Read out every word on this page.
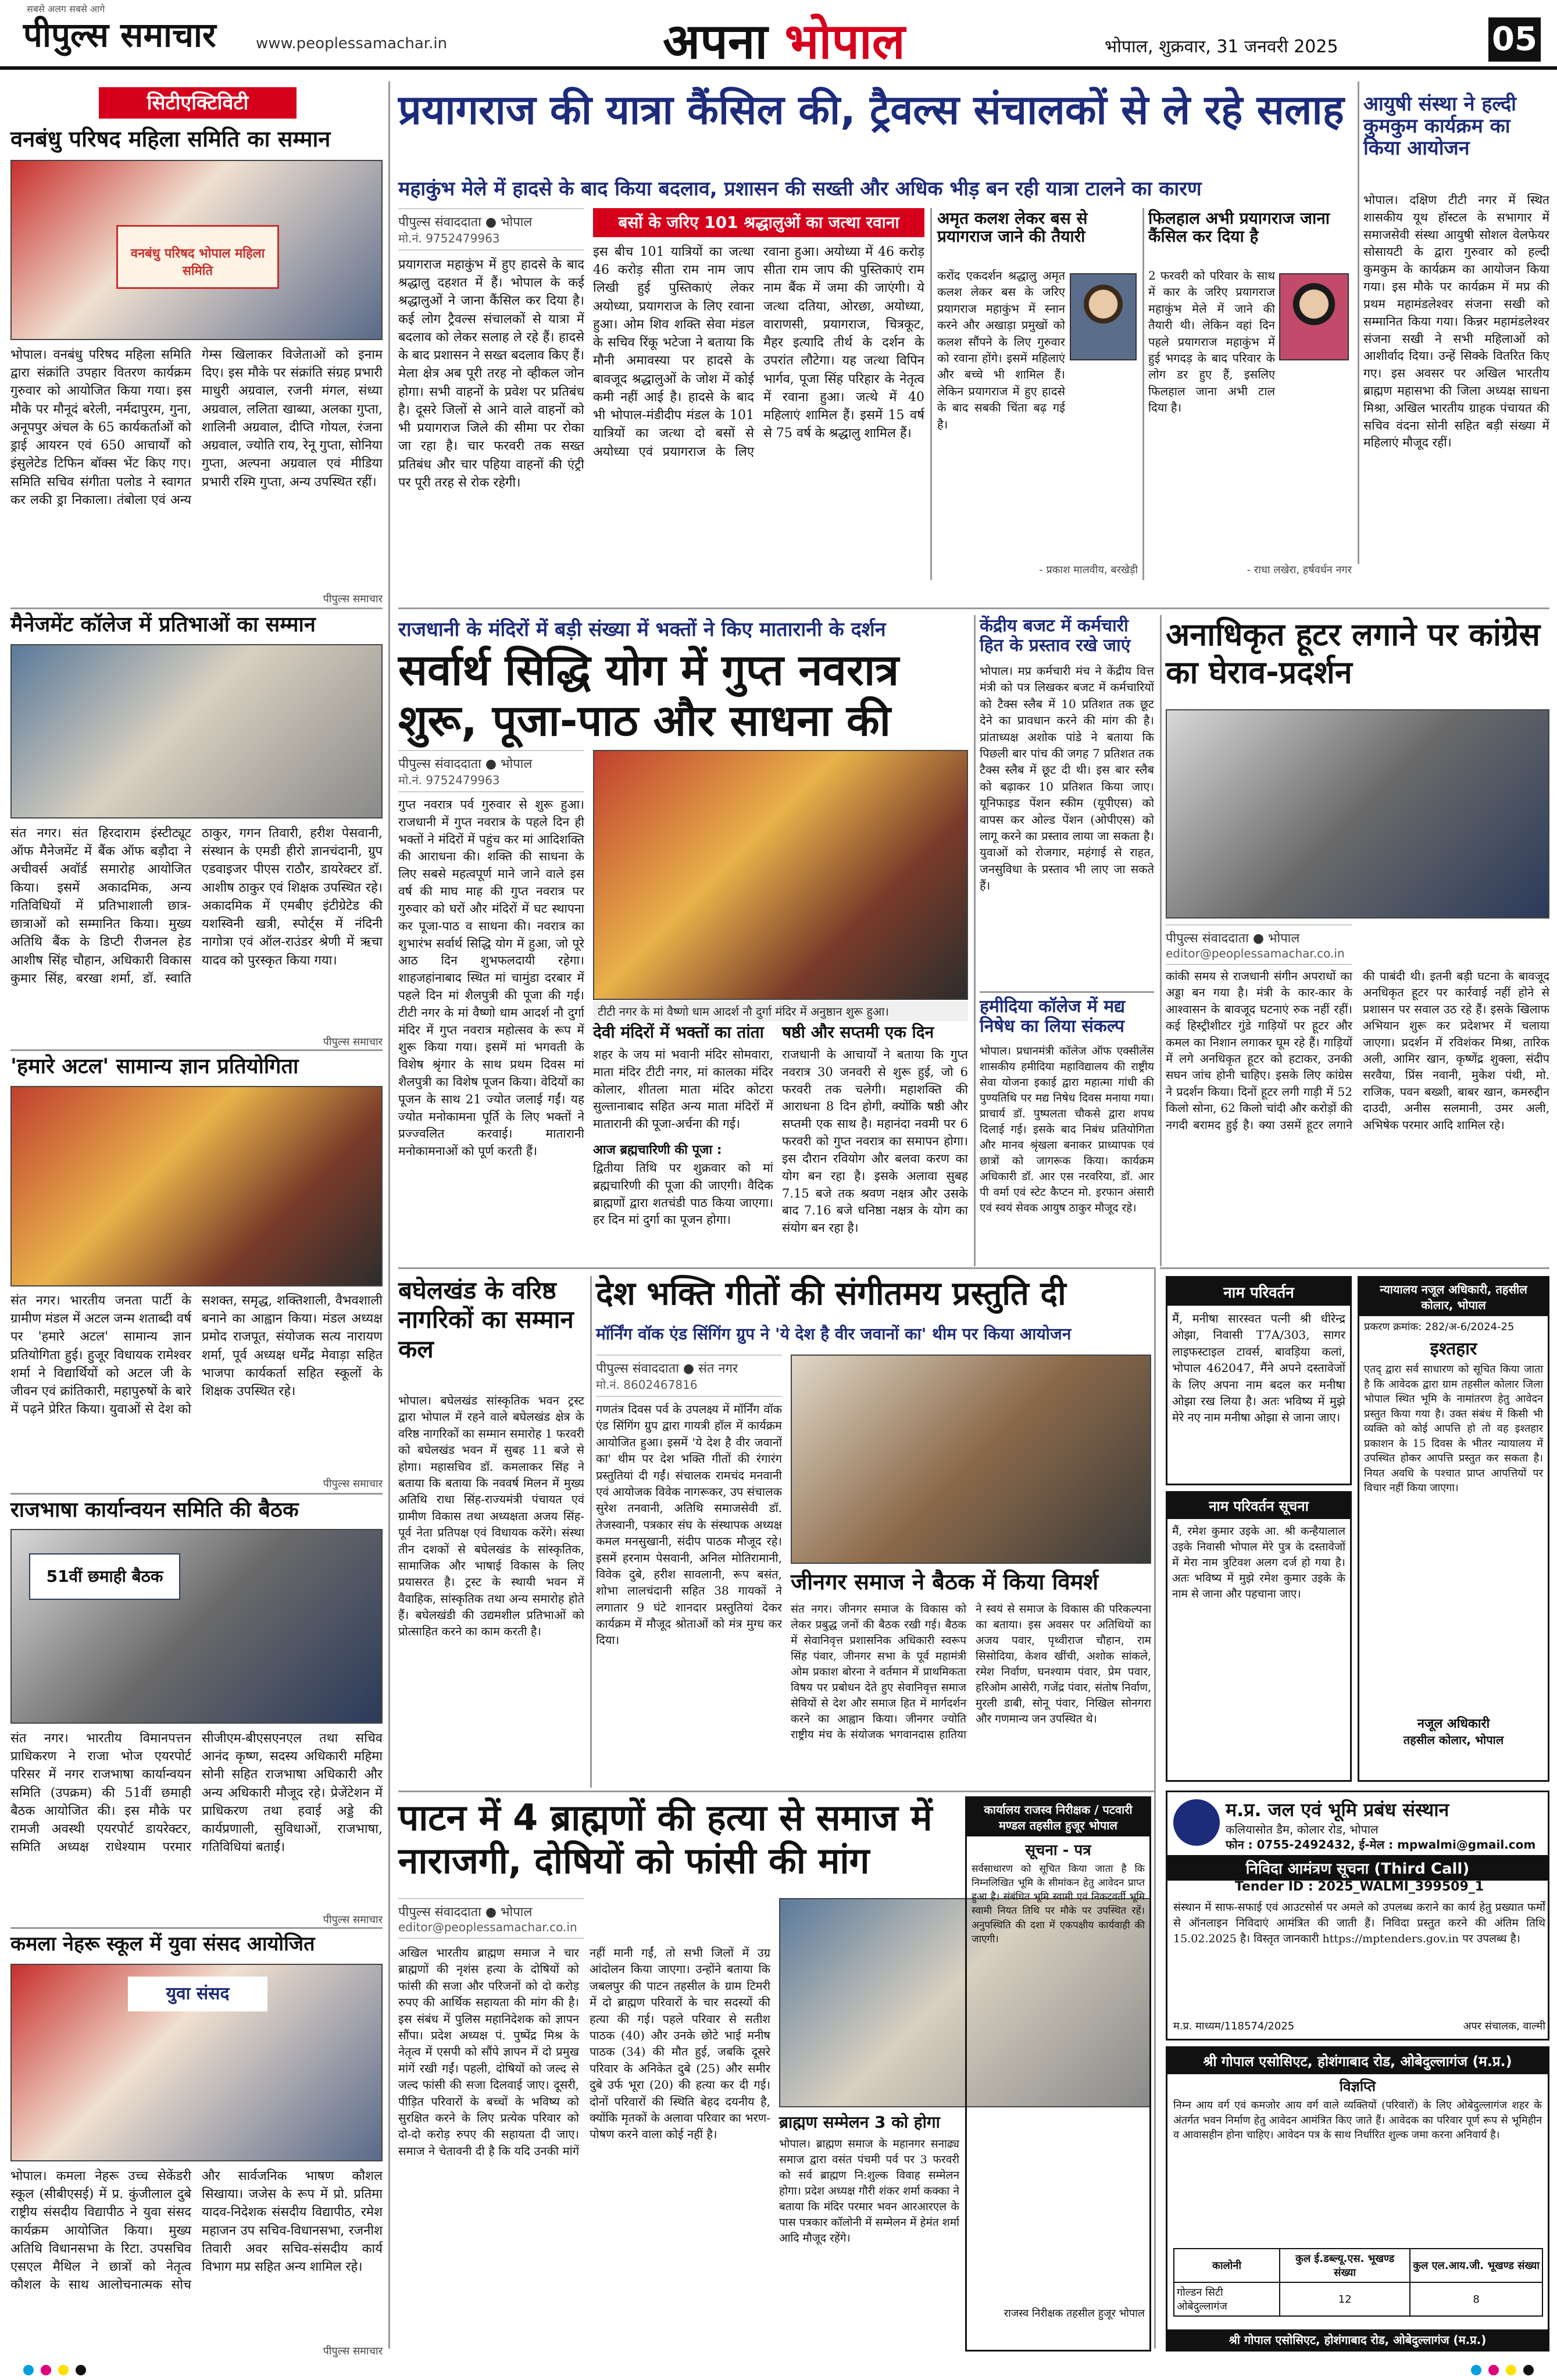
सबसे अलग सबसे आगे
पीपुल्स समाचार	www.peoplessamachar.in	अपना भोपाल	भोपाल, शुक्रवार, 31 जनवरी 2025	05
सिटीएक्टिविटी
वनबंधु परिषद महिला समिति का सम्मान
वनबंधु परिषद भोपाल महिला समिति
भोपाल। वनबंधु परिषद महिला समिति द्वारा संक्रांति उपहार वितरण कार्यक्रम गुरुवार को आयोजित किया गया। इस मौके पर मौनूदं बरेली, नर्मदापुरम, गुना, अनूपपुर अंचल के 65 कार्यकर्ताओं को ड्राई आयरन एवं 650 आचार्यों को इंसुलेटेड टिफिन बॉक्स भेंट किए गए। समिति सचिव संगीता पलोड ने स्वागत कर लकी ड्रा निकाला। तंबोला एवं अन्य गेम्स खिलाकर विजेताओं को इनाम दिए। इस मौके पर संक्रांति संग्रह प्रभारी माधुरी अग्रवाल, रजनी मंगल, संध्या अग्रवाल, ललिता खाब्या, अलका गुप्ता, शालिनी अग्रवाल, दीप्ति गोयल, रंजना अग्रवाल, ज्योति राय, रेनू गुप्ता, सोनिया गुप्ता, अल्पना अग्रवाल एवं मीडिया प्रभारी रश्मि गुप्ता, अन्य उपस्थित रहीं।
पीपुल्स समाचार
मैनेजमेंट कॉलेज में प्रतिभाओं का सम्मान
संत नगर। संत हिरदाराम इंस्टीट्यूट ऑफ मैनेजमेंट में बैंक ऑफ बड़ौदा ने अचीवर्स अवॉर्ड समारोह आयोजित किया। इसमें अकादमिक, अन्य गतिविधियों में प्रतिभाशाली छात्र-छात्राओं को सम्मानित किया। मुख्य अतिथि बैंक के डिप्टी रीजनल हेड आशीष सिंह चौहान, अधिकारी विकास कुमार सिंह, बरखा शर्मा, डॉ. स्वाति ठाकुर, गगन तिवारी, हरीश पेसवानी, संस्थान के एमडी हीरो ज्ञानचंदानी, ग्रुप एडवाइजर पीएस राठौर, डायरेक्टर डॉ. आशीष ठाकुर एवं शिक्षक उपस्थित रहे। अकादमिक में एमबीए इंटीग्रेटेड की यशस्विनी खत्री, स्पोर्ट्स में नंदिनी नागोत्रा एवं ऑल-राउंडर श्रेणी में ऋचा यादव को पुरस्कृत किया गया।
पीपुल्स समाचार
'हमारे अटल' सामान्य ज्ञान प्रतियोगिता
संत नगर। भारतीय जनता पार्टी के ग्रामीण मंडल में अटल जन्म शताब्दी वर्ष पर 'हमारे अटल' सामान्य ज्ञान प्रतियोगिता हुई। हुजूर विधायक रामेश्वर शर्मा ने विद्यार्थियों को अटल जी के जीवन एवं क्रांतिकारी, महापुरुषों के बारे में पढ़ने प्रेरित किया। युवाओं से देश को सशक्त, समृद्ध, शक्तिशाली, वैभवशाली बनाने का आह्वान किया। मंडल अध्यक्ष प्रमोद राजपूत, संयोजक सत्य नारायण शर्मा, पूर्व अध्यक्ष धर्मेंद्र मेवाड़ा सहित भाजपा कार्यकर्ता सहित स्कूलों के शिक्षक उपस्थित रहे।
पीपुल्स समाचार
राजभाषा कार्यान्वयन समिति की बैठक
51वीं छमाही बैठक
संत नगर। भारतीय विमानपत्तन प्राधिकरण ने राजा भोज एयरपोर्ट परिसर में नगर राजभाषा कार्यान्वयन समिति (उपक्रम) की 51वीं छमाही बैठक आयोजित की। इस मौके पर रामजी अवस्थी एयरपोर्ट डायरेक्टर, समिति अध्यक्ष राधेश्याम परमार सीजीएम-बीएसएनएल तथा सचिव आनंद कृष्ण, सदस्य अधिकारी महिमा सोनी सहित राजभाषा अधिकारी और अन्य अधिकारी मौजूद रहे। प्रेजेंटेशन में प्राधिकरण तथा हवाई अड्डे की कार्यप्रणाली, सुविधाओं, राजभाषा, गतिविधियां बताईं।
पीपुल्स समाचार
कमला नेहरू स्कूल में युवा संसद आयोजित
युवा संसद
भोपाल। कमला नेहरू उच्च सेकेंडरी स्कूल (सीबीएसई) में प्र. कुंजीलाल दुबे राष्ट्रीय संसदीय विद्यापीठ ने युवा संसद कार्यक्रम आयोजित किया। मुख्य अतिथि विधानसभा के रिटा. उपसचिव एसएल मैथिल ने छात्रों को नेतृत्व कौशल के साथ आलोचनात्मक सोच और सार्वजनिक भाषण कौशल सिखाया। जजेस के रूप में प्रो. प्रतिमा यादव-निदेशक संसदीय विद्यापीठ, रमेश महाजन उप सचिव-विधानसभा, रजनीश तिवारी अवर सचिव-संसदीय कार्य विभाग मप्र सहित अन्य शामिल रहे।
पीपुल्स समाचार
प्रयागराज की यात्रा कैंसिल की, ट्रैवल्स संचालकों से ले रहे सलाह
महाकुंभ मेले में हादसे के बाद किया बदलाव, प्रशासन की सख्ती और अधिक भीड़ बन रही यात्रा टालने का कारण
पीपुल्स संवाददाता ● भोपाल
मो.नं. 9752479963
प्रयागराज महाकुंभ में हुए हादसे के बाद श्रद्धालु दहशत में हैं। भोपाल के कई श्रद्धालुओं ने जाना कैंसिल कर दिया है। कई लोग ट्रैवल्स संचालकों से यात्रा में बदलाव को लेकर सलाह ले रहे हैं। हादसे के बाद प्रशासन ने सख्त बदलाव किए हैं। मेला क्षेत्र अब पूरी तरह नो व्हीकल जोन होगा। सभी वाहनों के प्रवेश पर प्रतिबंध है। दूसरे जिलों से आने वाले वाहनों को भी प्रयागराज जिले की सीमा पर रोका जा रहा है। चार फरवरी तक सख्त प्रतिबंध और चार पहिया वाहनों की एंट्री पर पूरी तरह से रोक रहेगी।
बसों के जरिए 101 श्रद्धालुओं का जत्था रवाना
इस बीच 101 यात्रियों का जत्था 46 करोड़ सीता राम नाम जाप लिखी हुई पुस्तिकाएं लेकर अयोध्या, प्रयागराज के लिए रवाना हुआ। ओम शिव शक्ति सेवा मंडल के सचिव रिंकू भटेजा ने बताया कि मौनी अमावस्या पर हादसे के बावजूद श्रद्धालुओं के जोश में कोई कमी नहीं आई है। हादसे के बाद भी भोपाल-मंडीदीप मंडल के 101 यात्रियों का जत्था दो बसों से अयोध्या एवं प्रयागराज के लिए रवाना हुआ। अयोध्या में 46 करोड़ सीता राम जाप की पुस्तिकाएं राम नाम बैंक में जमा की जाएंगी। ये जत्था दतिया, ओरछा, अयोध्या, वाराणसी, प्रयागराज, चित्रकूट, मैहर इत्यादि तीर्थ के दर्शन के उपरांत लौटेगा। यह जत्था विपिन भार्गव, पूजा सिंह परिहार के नेतृत्व में रवाना हुआ। जत्थे में 40 महिलाएं शामिल हैं। इसमें 15 वर्ष से 75 वर्ष के श्रद्धालु शामिल हैं।
अमृत कलश लेकर बस से प्रयागराज जाने की तैयारी
करोंद एकदर्शन श्रद्धालु अमृत कलश लेकर बस के जरिए प्रयागराज महाकुंभ में स्नान करने और अखाड़ा प्रमुखों को कलश सौंपने के लिए गुरुवार को रवाना होंगे। इसमें महिलाएं और बच्चे भी शामिल हैं। लेकिन प्रयागराज में हुए हादसे के बाद सबकी चिंता बढ़ गई है।
- प्रकाश मालवीय, बरखेड़ी
फिलहाल अभी प्रयागराज जाना कैंसिल कर दिया है
2 फरवरी को परिवार के साथ में कार के जरिए प्रयागराज महाकुंभ मेले में जाने की तैयारी थी। लेकिन वहां दिन पहले प्रयागराज महाकुंभ में हुई भगदड़ के बाद परिवार के लोग डर हुए हैं, इसलिए फिलहाल जाना अभी टाल दिया है।
- राधा लखेरा, हर्षवर्धन नगर
आयुषी संस्था ने हल्दी कुमकुम कार्यक्रम का किया आयोजन
भोपाल। दक्षिण टीटी नगर में स्थित शासकीय यूथ हॉस्टल के सभागार में समाजसेवी संस्था आयुषी सोशल वेलफेयर सोसायटी के द्वारा गुरुवार को हल्दी कुमकुम के कार्यक्रम का आयोजन किया गया। इस मौके पर कार्यक्रम में मप्र की प्रथम महामंडलेश्वर संजना सखी को सम्मानित किया गया। किन्नर महामंडलेश्वर संजना सखी ने सभी महिलाओं को आशीर्वाद दिया। उन्हें सिक्के वितरित किए गए। इस अवसर पर अखिल भारतीय ब्राह्मण महासभा की जिला अध्यक्ष साधना मिश्रा, अखिल भारतीय ग्राहक पंचायत की सचिव वंदना सोनी सहित बड़ी संख्या में महिलाएं मौजूद रहीं।
राजधानी के मंदिरों में बड़ी संख्या में भक्तों ने किए मातारानी के दर्शन
सर्वार्थ सिद्धि योग में गुप्त नवरात्र शुरू, पूजा-पाठ और साधना की
पीपुल्स संवाददाता ● भोपाल
मो.नं. 9752479963
गुप्त नवरात्र पर्व गुरुवार से शुरू हुआ। राजधानी में गुप्त नवरात्र के पहले दिन ही भक्तों ने मंदिरों में पहुंच कर मां आदिशक्ति की आराधना की। शक्ति की साधना के लिए सबसे महत्वपूर्ण माने जाने वाले इस वर्ष की माघ माह की गुप्त नवरात्र पर गुरुवार को घरों और मंदिरों में घट स्थापना कर पूजा-पाठ व साधना की। नवरात्र का शुभारंभ सर्वार्थ सिद्धि योग में हुआ, जो पूरे आठ दिन शुभफलदायी रहेगा। शाहजहांनाबाद स्थित मां चामुंडा दरबार में पहले दिन मां शैलपुत्री की पूजा की गई। टीटी नगर के मां वैष्णो धाम आदर्श नौ दुर्गा मंदिर में गुप्त नवरात्र महोत्सव के रूप में शुरू किया गया। इसमें मां भगवती के विशेष श्रृंगार के साथ प्रथम दिवस मां शैलपुत्री का विशेष पूजन किया। वेदियों का पूजन के साथ 21 ज्योत जलाई गईं। यह ज्योत मनोकामना पूर्ति के लिए भक्तों ने प्रज्ज्वलित करवाई। मातारानी मनोकामनाओं को पूर्ण करती हैं।
टीटी नगर के मां वैष्णो धाम आदर्श नौ दुर्गा मंदिर में अनुष्ठान शुरू हुआ।
देवी मंदिरों में भक्तों का तांता
शहर के जय मां भवानी मंदिर सोमवारा, माता मंदिर टीटी नगर, मां कालका मंदिर कोलार, शीतला माता मंदिर कोटरा सुल्तानाबाद सहित अन्य माता मंदिरों में मातारानी की पूजा-अर्चना की गई।
आज ब्रह्मचारिणी की पूजा :
द्वितीया तिथि पर शुक्रवार को मां ब्रह्मचारिणी की पूजा की जाएगी। वैदिक ब्राह्मणों द्वारा शतचंडी पाठ किया जाएगा। हर दिन मां दुर्गा का पूजन होगा।
षष्ठी और सप्तमी एक दिन
राजधानी के आचार्यों ने बताया कि गुप्त नवरात्र 30 जनवरी से शुरू हुई, जो 6 फरवरी तक चलेगी। महाशक्ति की आराधना 8 दिन होगी, क्योंकि षष्ठी और सप्तमी एक साथ है। महानंदा नवमी पर 6 फरवरी को गुप्त नवरात्र का समापन होगा। इस दौरान रवियोग और बलवा करण का योग बन रहा है। इसके अलावा सुबह 7.15 बजे तक श्रवण नक्षत्र और उसके बाद 7.16 बजे धनिष्ठा नक्षत्र के योग का संयोग बन रहा है।
केंद्रीय बजट में कर्मचारी हित के प्रस्ताव रखे जाएं
भोपाल। मप्र कर्मचारी मंच ने केंद्रीय वित्त मंत्री को पत्र लिखकर बजट में कर्मचारियों को टैक्स स्लैब में 10 प्रतिशत तक छूट देने का प्रावधान करने की मांग की है। प्रांताध्यक्ष अशोक पांडे ने बताया कि पिछली बार पांच की जगह 7 प्रतिशत तक टैक्स स्लैब में छूट दी थी। इस बार स्लैब को बढ़ाकर 10 प्रतिशत किया जाए। यूनिफाइड पेंशन स्कीम (यूपीएस) को वापस कर ओल्ड पेंशन (ओपीएस) को लागू करने का प्रस्ताव लाया जा सकता है। युवाओं को रोजगार, महंगाई से राहत, जनसुविधा के प्रस्ताव भी लाए जा सकते हैं।
हमीदिया कॉलेज में मद्य निषेध का लिया संकल्प
भोपाल। प्रधानमंत्री कॉलेज ऑफ एक्सीलेंस शासकीय हमीदिया महाविद्यालय की राष्ट्रीय सेवा योजना इकाई द्वारा महात्मा गांधी की पुण्यतिथि पर मद्य निषेध दिवस मनाया गया। प्राचार्य डॉ. पुष्पलता चौकसे द्वारा शपथ दिलाई गई। इसके बाद निबंध प्रतियोगिता और मानव श्रृंखला बनाकर प्राध्यापक एवं छात्रों को जागरूक किया। कार्यक्रम अधिकारी डॉ. आर एस नरवरिया, डॉ. आर पी वर्मा एवं स्टेट कैप्टन मो. इरफान अंसारी एवं स्वयं सेवक आयुष ठाकुर मौजूद रहे।
अनाधिकृत हूटर लगाने पर कांग्रेस का घेराव-प्रदर्शन
पीपुल्स संवाददाता ● भोपाल
editor@peoplessamachar.co.in
कांकी समय से राजधानी संगीन अपराधों का अड्डा बन गया है। मंत्री के कार-कार के आश्वासन के बावजूद घटनाएं रुक नहीं रहीं। कई हिस्ट्रीशीटर गुंडे गाड़ियों पर हूटर और कमल का निशान लगाकर घूम रहे हैं। गाड़ियों में लगे अनधिकृत हूटर को हटाकर, उनकी सघन जांच होनी चाहिए। इसके लिए कांग्रेस ने प्रदर्शन किया। दिनों हूटर लगी गाड़ी में 52 किलो सोना, 62 किलो चांदी और करोड़ों की नगदी बरामद हुई है। क्या उसमें हूटर लगाने की पाबंदी थी। इतनी बड़ी घटना के बावजूद अनधिकृत हूटर पर कार्रवाई नहीं होने से प्रशासन पर सवाल उठ रहे हैं। इसके खिलाफ अभियान शुरू कर प्रदेशभर में चलाया जाएगा। प्रदर्शन में रविशंकर मिश्रा, तारिक अली, आमिर खान, कृष्णेंद्र शुक्ला, संदीप सरवैया, प्रिंस नवानी, मुकेश पंथी, मो. राजिक, पवन बख्शी, बाबर खान, कमरुद्दीन दाउदी, अनीस सलमानी, उमर अली, अभिषेक परमार आदि शामिल रहे।
बघेलखंड के वरिष्ठ नागरिकों का सम्मान कल
भोपाल। बघेलखंड सांस्कृतिक भवन ट्रस्ट द्वारा भोपाल में रहने वाले बघेलखंड क्षेत्र के वरिष्ठ नागरिकों का सम्मान समारोह 1 फरवरी को बघेलखंड भवन में सुबह 11 बजे से होगा। महासचिव डॉ. कमलाकर सिंह ने बताया कि बताया कि नववर्ष मिलन में मुख्य अतिथि राधा सिंह-राज्यमंत्री पंचायत एवं ग्रामीण विकास तथा अध्यक्षता अजय सिंह-पूर्व नेता प्रतिपक्ष एवं विधायक करेंगे। संस्था तीन दशकों से बघेलखंड के सांस्कृतिक, सामाजिक और भाषाई विकास के लिए प्रयासरत है। ट्रस्ट के स्थायी भवन में वैवाहिक, सांस्कृतिक तथा अन्य समारोह होते हैं। बघेलखंडी की उद्यमशील प्रतिभाओं को प्रोत्साहित करने का काम करती है।
देश भक्ति गीतों की संगीतमय प्रस्तुति दी
मॉर्निंग वॉक एंड सिंगिंग ग्रुप ने 'ये देश है वीर जवानों का' थीम पर किया आयोजन
पीपुल्स संवाददाता ● संत नगर
मो.नं. 8602467816
गणतंत्र दिवस पर्व के उपलक्ष्य में मॉर्निंग वॉक एंड सिंगिंग ग्रुप द्वारा गायत्री हॉल में कार्यक्रम आयोजित हुआ। इसमें 'ये देश है वीर जवानों का' थीम पर देश भक्ति गीतों की रंगारंग प्रस्तुतियां दी गईं। संचालक रामचंद मनवानी एवं आयोजक विवेक नागरूकर, उप संचालक सुरेश तनवानी, अतिथि समाजसेवी डॉ. तेजस्वानी, पत्रकार संघ के संस्थापक अध्यक्ष कमल मनसुखानी, संदीप पाठक मौजूद रहे। इसमें हरनाम पेसवानी, अनिल मोतिरामानी, विवेक दुबे, हरीश सावलानी, रूप बसंत, शोभा लालचंदानी सहित 38 गायकों ने लगातार 9 घंटे शानदार प्रस्तुतियां देकर कार्यक्रम में मौजूद श्रोताओं को मंत्र मुग्ध कर दिया।
जीनगर समाज ने बैठक में किया विमर्श
संत नगर। जीनगर समाज के विकास को लेकर प्रबुद्ध जनों की बैठक रखी गई। बैठक में सेवानिवृत्त प्रशासनिक अधिकारी स्वरूप सिंह पंवार, जीनगर सभा के पूर्व महामंत्री ओम प्रकाश बोरना ने वर्तमान में प्राथमिकता विषय पर प्रबोधन देते हुए सेवानिवृत्त समाज सेवियों से देश और समाज हित में मार्गदर्शन करने का आह्वान किया। जीनगर ज्योति राष्ट्रीय मंच के संयोजक भगवानदास हातिया ने स्वयं से समाज के विकास की परिकल्पना का बताया। इस अवसर पर अतिथियों का अजय पवार, पृथ्वीराज चौहान, राम सिसोदिया, केशव खींची, अशोक सांकले, रमेश निर्वाण, घनश्याम पंवार, प्रेम पवार, हरिओम आसेरी, गजेंद्र पंवार, संतोष निर्वाण, मुरली डाबी, सोनू पंवार, निखिल सोनगरा और गणमान्य जन उपस्थित थे।
नाम परिवर्तन
मैं, मनीषा सारस्वत पत्नी श्री धीरेन्द्र ओझा, निवासी T7A/303, सागर लाइफस्टाइल टावर्स, बावड़िया कलां, भोपाल 462047, मैंने अपने दस्तावेजों के लिए अपना नाम बदल कर मनीषा ओझा रख लिया है। अतः भविष्य में मुझे मेरे नए नाम मनीषा ओझा से जाना जाए।
नाम परिवर्तन सूचना
मैं, रमेश कुमार उइके आ. श्री कन्हैयालाल उइके निवासी भोपाल मेरे पुत्र के दस्तावेजों में मेरा नाम त्रुटिवश अलग दर्ज हो गया है। अतः भविष्य में मुझे रमेश कुमार उइके के नाम से जाना और पहचाना जाए।
न्यायालय नजूल अधिकारी, तहसील कोलार, भोपाल
प्रकरण क्रमांक: 282/अ-6/2024-25
इश्तहार
एतद् द्वारा सर्व साधारण को सूचित किया जाता है कि आवेदक द्वारा ग्राम तहसील कोलार जिला भोपाल स्थित भूमि के नामांतरण हेतु आवेदन प्रस्तुत किया गया है। उक्त संबंध में किसी भी व्यक्ति को कोई आपत्ति हो तो वह इश्तहार प्रकाशन के 15 दिवस के भीतर न्यायालय में उपस्थित होकर आपत्ति प्रस्तुत कर सकता है। नियत अवधि के पश्चात प्राप्त आपत्तियों पर विचार नहीं किया जाएगा।
नजूल अधिकारी
तहसील कोलार, भोपाल
पाटन में 4 ब्राह्मणों की हत्या से समाज में नाराजगी, दोषियों को फांसी की मांग
पीपुल्स संवाददाता ● भोपाल
editor@peoplessamachar.co.in
अखिल भारतीय ब्राह्मण समाज ने चार ब्राह्मणों की नृशंस हत्या के दोषियों को फांसी की सजा और परिजनों को दो करोड़ रुपए की आर्थिक सहायता की मांग की है। इस संबंध में पुलिस महानिदेशक को ज्ञापन सौंपा। प्रदेश अध्यक्ष पं. पुष्पेंद्र मिश्र के नेतृत्व में एसपी को सौंपे ज्ञापन में दो प्रमुख मांगें रखी गईं। पहली, दोषियों को जल्द से जल्द फांसी की सजा दिलवाई जाए। दूसरी, पीड़ित परिवारों के बच्चों के भविष्य को सुरक्षित करने के लिए प्रत्येक परिवार को दो-दो करोड़ रुपए की सहायता दी जाए। समाज ने चेतावनी दी है कि यदि उनकी मांगें नहीं मानी गईं, तो सभी जिलों में उग्र आंदोलन किया जाएगा। उन्होंने बताया कि जबलपुर की पाटन तहसील के ग्राम टिमरी में दो ब्राह्मण परिवारों के चार सदस्यों की हत्या की गई। पहले परिवार से सतीश पाठक (40) और उनके छोटे भाई मनीष पाठक (34) की मौत हुई, जबकि दूसरे परिवार के अनिकेत दुबे (25) और समीर दुबे उर्फ भूरा (20) की हत्या कर दी गई। दोनों परिवारों की स्थिति बेहद दयनीय है, क्योंकि मृतकों के अलावा परिवार का भरण-पोषण करने वाला कोई नहीं है।
ब्राह्मण सम्मेलन 3 को होगा
भोपाल। ब्राह्मण समाज के महानगर सनाढ्य समाज द्वारा वसंत पंचमी पर्व पर 3 फरवरी को सर्व ब्राह्मण नि:शुल्क विवाह सम्मेलन होगा। प्रदेश अध्यक्ष गौरी शंकर शर्मा कक्का ने बताया कि मंदिर परमार भवन आरआरएल के पास पत्रकार कॉलोनी में सम्मेलन में हेमंत शर्मा आदि मौजूद रहेंगे।
कार्यालय राजस्व निरीक्षक / पटवारी मण्डल तहसील हुजूर भोपाल
सूचना - पत्र
सर्वसाधारण को सूचित किया जाता है कि निम्नलिखित भूमि के सीमांकन हेतु आवेदन प्राप्त हुआ है। संबंधित भूमि स्वामी एवं निकटवर्ती भूमि स्वामी नियत तिथि पर मौके पर उपस्थित रहें। अनुपस्थिति की दशा में एकपक्षीय कार्यवाही की जाएगी।
राजस्व निरीक्षक तहसील हुजूर भोपाल
म.प्र. जल एवं भूमि प्रबंध संस्थान
कलियासोत डैम, कोलार रोड, भोपाल
फोन : 0755-2492432, ई-मेल : mpwalmi@gmail.com
निविदा आमंत्रण सूचना (Third Call)
Tender ID : 2025_WALMI_399509_1
संस्थान में साफ-सफाई एवं आउटसोर्स पर अमले को उपलब्ध कराने का कार्य हेतु प्रख्यात फर्मों से ऑनलाइन निविदाएं आमंत्रित की जाती हैं। निविदा प्रस्तुत करने की अंतिम तिथि 15.02.2025 है। विस्तृत जानकारी https://mptenders.gov.in पर उपलब्ध है।
म.प्र. माध्यम/118574/2025	अपर संचालक, वाल्मी
श्री गोपाल एसोसिएट, होशंगाबाद रोड, ओबेदुल्लागंज (म.प्र.)
विज्ञप्ति
निम्न आय वर्ग एवं कमजोर आय वर्ग वाले व्यक्तियों (परिवारों) के लिए ओबेदुल्लागंज शहर के अंतर्गत भवन निर्माण हेतु आवेदन आमंत्रित किए जाते हैं। आवेदक का परिवार पूर्ण रूप से भूमिहीन व आवासहीन होना चाहिए। आवेदन पत्र के साथ निर्धारित शुल्क जमा करना अनिवार्य है।
कालोनी	कुल ई.डब्ल्यू.एस. भूखण्ड संख्या	कुल एल.आय.जी. भूखण्ड संख्या
गोल्डन सिटी ओबेदुल्लागंज	12	8
श्री गोपाल एसोसिएट, होशंगाबाद रोड, ओबेदुल्लागंज (म.प्र.)
